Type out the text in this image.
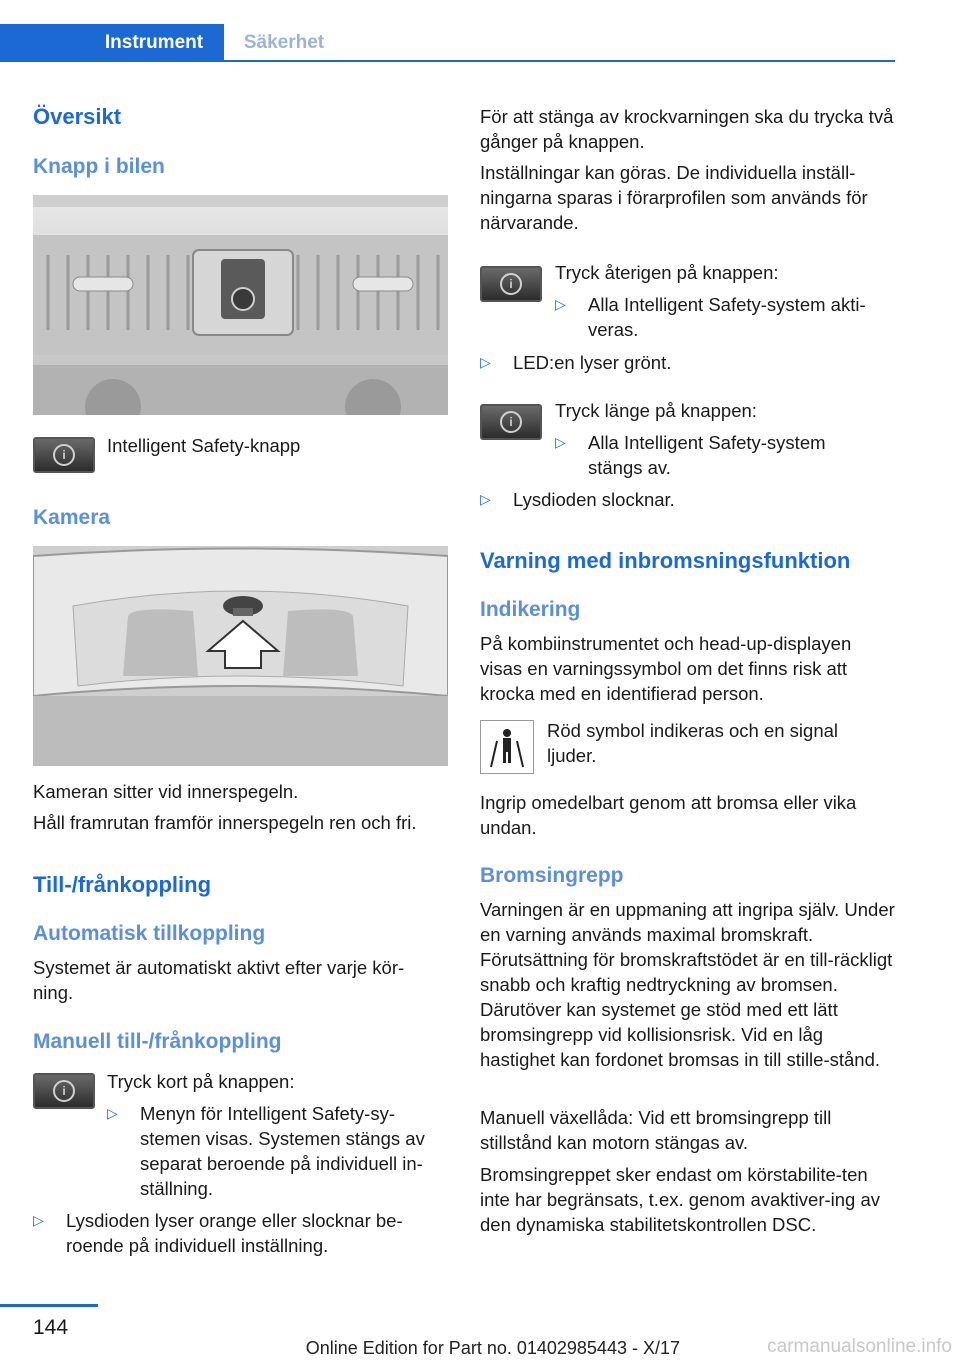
Instrument	Säkerhet
Översikt
Knapp i bilen
i	Intelligent Safety-knapp
Kamera
Kameran sitter vid innerspegeln.
Håll framrutan framför innerspegeln ren och fri.
Till-/frånkoppling
Automatisk tillkoppling
Systemet är automatiskt aktivt efter varje kör-ning.
Manuell till-/frånkoppling
i	Tryck kort på knappen:
▷ Menyn för Intelligent Safety-sy-stemen visas. Systemen stängs av separat beroende på individuell in-ställning.
▷ Lysdioden lyser orange eller slocknar be-roende på individuell inställning.
För att stänga av krockvarningen ska du trycka två gånger på knappen.
Inställningar kan göras. De individuella inställ-ningarna sparas i förarprofilen som används för närvarande.
i
Tryck återigen på knappen:
▷ Alla Intelligent Safety-system akti-veras.
▷ LED:en lyser grönt.
i
Tryck länge på knappen:
▷ Alla Intelligent Safety-system stängs av.
▷ Lysdioden slocknar.
Varning med inbromsningsfunktion
Indikering
På kombiinstrumentet och head-up-displayen visas en varningssymbol om det finns risk att krocka med en identifierad person.
Röd symbol indikeras och en signal ljuder.
Ingrip omedelbart genom att bromsa eller vika undan.
Bromsingrepp
Varningen är en uppmaning att ingripa själv. Under en varning används maximal bromskraft. Förutsättning för bromskraftstödet är en till-räckligt snabb och kraftig nedtryckning av bromsen. Därutöver kan systemet ge stöd med ett lätt bromsingrepp vid kollisionsrisk. Vid en låg hastighet kan fordonet bromsas in till stille-stånd.
Manuell växellåda: Vid ett bromsingrepp till stillstånd kan motorn stängas av.
Bromsingreppet sker endast om körstabilite-ten inte har begränsats, t.ex. genom avaktiver-ing av den dynamiska stabilitetskontrollen DSC.
144
Online Edition for Part no. 01402985443 - X/17	carmanualsonline.info
